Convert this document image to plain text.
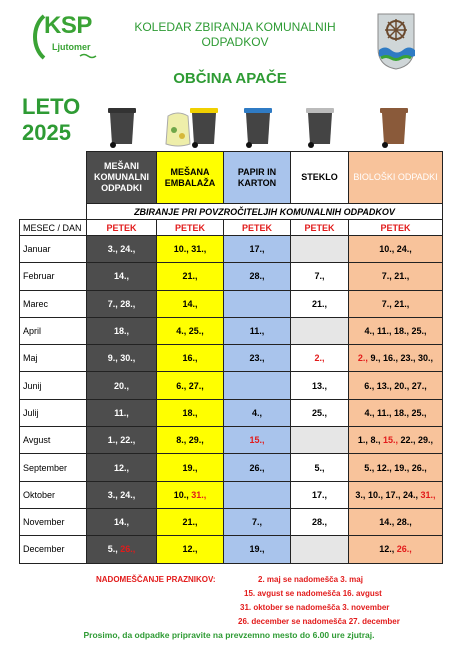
KSP
Ljutomer
KOLEDAR ZBIRANJA KOMUNALNIH
ODPADKOV
OBČINA APAČE
LETO
2025
	MEŠANI KOMUNALNI ODPADKI	MEŠANA EMBALAŽA	PAPIR IN KARTON	STEKLO	BIOLOŠKI ODPADKI
	ZBIRANJE PRI POVZROČITELJIH KOMUNALNIH ODPADKOV				
MESEC / DAN	PETEK	PETEK	PETEK	PETEK	PETEK
Januar	3., 24.,	10., 31.,	17.,		10., 24.,
Februar	14.,	21.,	28.,	7.,	7., 21.,
Marec	7., 28.,	14.,		21.,	7., 21.,
April	18.,	4., 25.,	11.,		4., 11., 18., 25.,
Maj	9., 30.,	16.,	23.,	2.,	2., 9., 16., 23., 30.,
Junij	20.,	6., 27.,		13.,	6., 13., 20., 27.,
Julij	11.,	18.,	4.,	25.,	4., 11., 18., 25.,
Avgust	1., 22.,	8., 29.,	15.,		1., 8., 15., 22., 29.,
September	12.,	19.,	26.,	5.,	5., 12., 19., 26.,
Oktober	3., 24.,	10., 31.,		17.,	3., 10., 17., 24., 31.,
November	14.,	21.,	7.,	28.,	14., 28.,
December	5., 26.,	12.,	19.,		12., 26.,
NADOMEŠČANJE PRAZNIKOV:	2. maj se nadomešča 3. maj
15. avgust se nadomešča 16. avgust
31. oktober se nadomešča 3. november
26. december se nadomešča 27. december
Prosimo, da odpadke pripravite na prevzemno mesto do 6.00 ure zjutraj.
